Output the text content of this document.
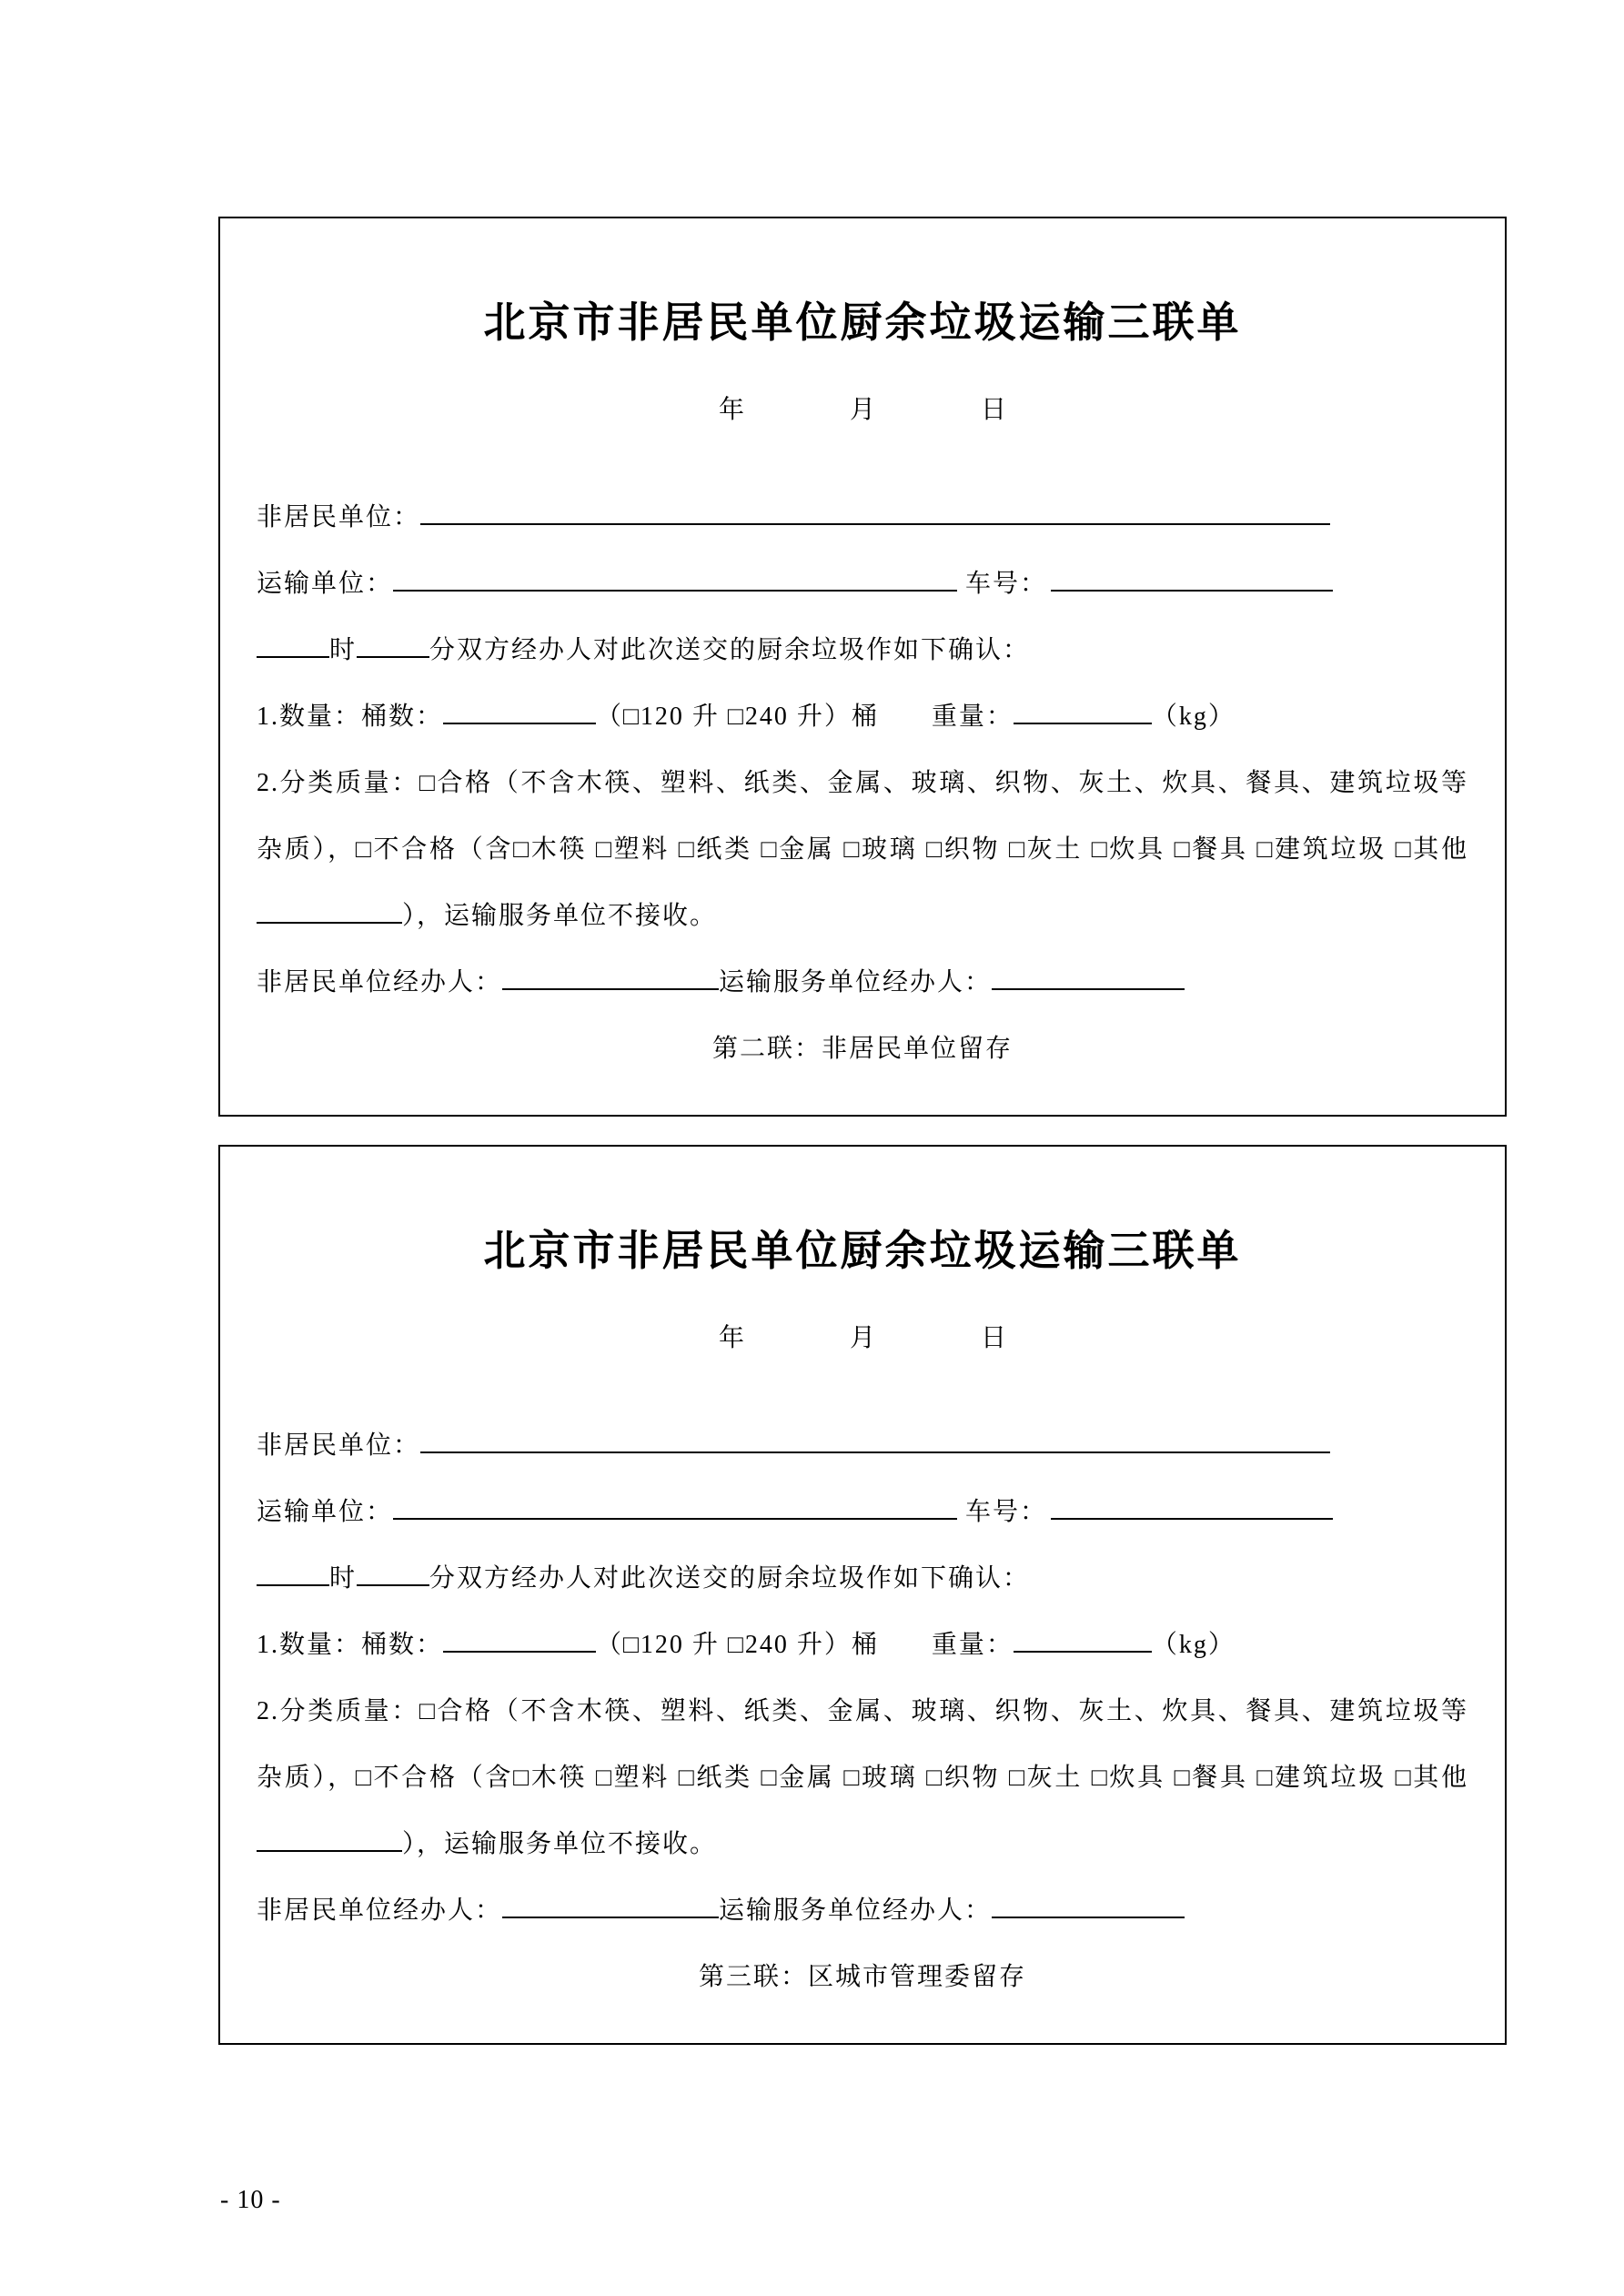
北京市非居民单位厨余垃圾运输三联单
年	月	日
非居民单位：
运输单位：	车号：
时	分双方经办人对此次送交的厨余垃圾作如下确认：
1.数量：桶数：	（□120 升 □240 升）桶 重量：	（kg）
2.分类质量：□合格（不含木筷、塑料、纸类、金属、玻璃、织物、灰土、炊具、餐具、建筑垃圾等杂质），□不合格（含□木筷 □塑料 □纸类 □金属 □玻璃 □织物 □灰土 □炊具 □餐具 □建筑垃圾 □其他），运输服务单位不接收。
非居民单位经办人：	运输服务单位经办人：
第二联：非居民单位留存
北京市非居民单位厨余垃圾运输三联单
年	月	日
非居民单位：
运输单位：	车号：
时	分双方经办人对此次送交的厨余垃圾作如下确认：
1.数量：桶数：	（□120 升 □240 升）桶 重量：	（kg）
2.分类质量：□合格（不含木筷、塑料、纸类、金属、玻璃、织物、灰土、炊具、餐具、建筑垃圾等杂质），□不合格（含□木筷 □塑料 □纸类 □金属 □玻璃 □织物 □灰土 □炊具 □餐具 □建筑垃圾 □其他），运输服务单位不接收。
非居民单位经办人：	运输服务单位经办人：
第三联：区城市管理委留存
- 10 -
